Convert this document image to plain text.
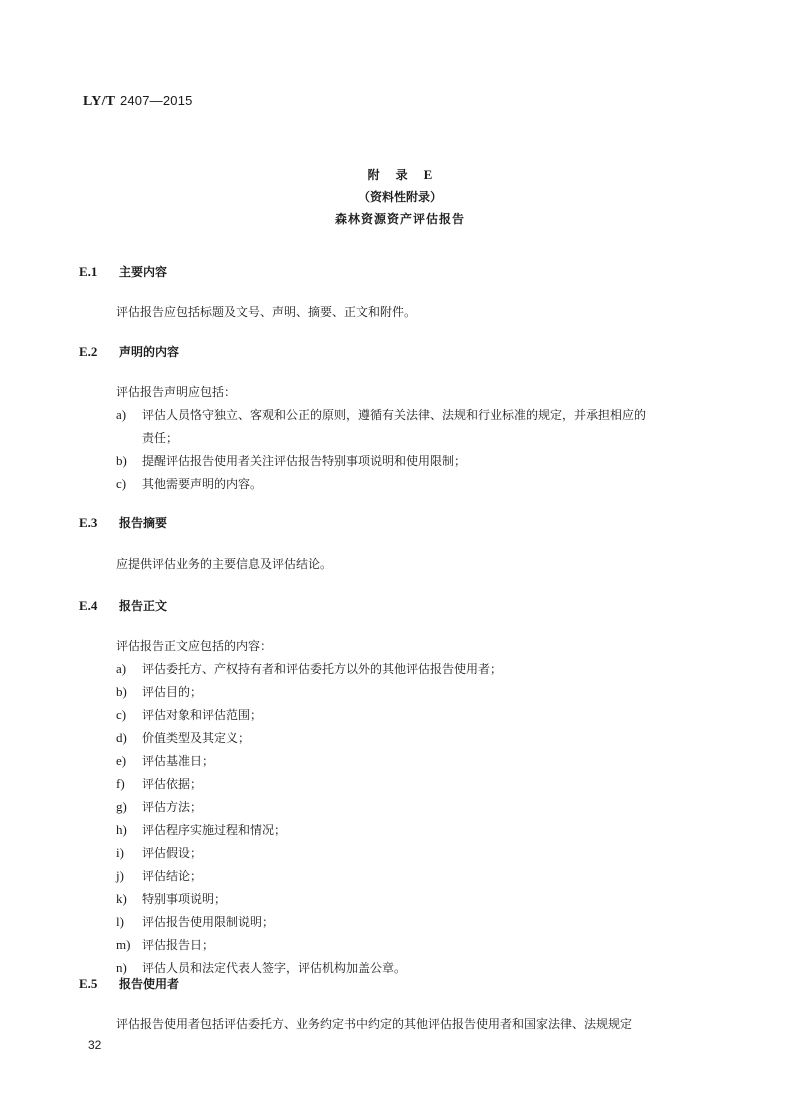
LY/T 2407—2015
附 录 E
（资料性附录）
森林资源资产评估报告
E.1 主要内容
评估报告应包括标题及文号、声明、摘要、正文和附件。
E.2 声明的内容
评估报告声明应包括：
a) 评估人员恪守独立、客观和公正的原则，遵循有关法律、法规和行业标准的规定，并承担相应的
责任；
b) 提醒评估报告使用者关注评估报告特别事项说明和使用限制；
c) 其他需要声明的内容。
E.3 报告摘要
应提供评估业务的主要信息及评估结论。
E.4 报告正文
评估报告正文应包括的内容：
a) 评估委托方、产权持有者和评估委托方以外的其他评估报告使用者；
b) 评估目的；
c) 评估对象和评估范围；
d) 价值类型及其定义；
e) 评估基准日；
f) 评估依据；
g) 评估方法；
h) 评估程序实施过程和情况；
i) 评估假设；
j) 评估结论；
k) 特别事项说明；
l) 评估报告使用限制说明；
m) 评估报告日；
n) 评估人员和法定代表人签字，评估机构加盖公章。
E.5 报告使用者
评估报告使用者包括评估委托方、业务约定书中约定的其他评估报告使用者和国家法律、法规规定
32
